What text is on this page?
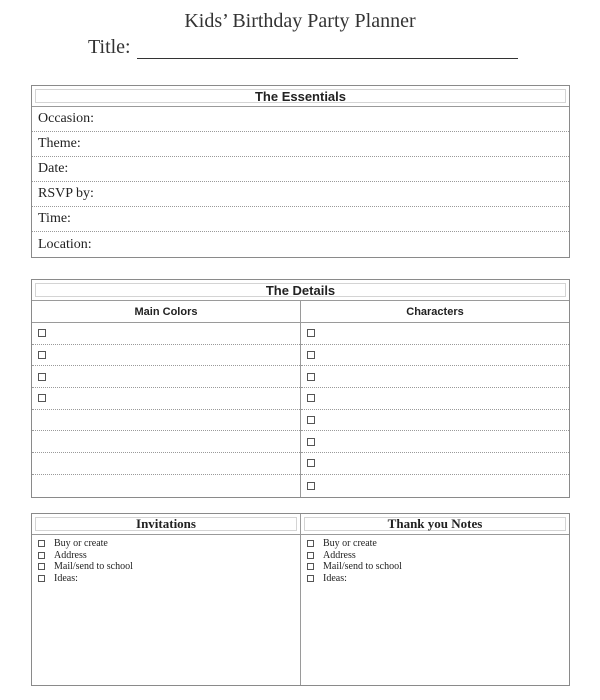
Kids’ Birthday Party Planner
Title:
The Essentials
Occasion:
Theme:
Date:
RSVP by:
Time:
Location:
The Details
Main Colors	Characters
Invitations
Buy or create
Address
Mail/send to school
Ideas:
Thank you Notes
Buy or create
Address
Mail/send to school
Ideas:
